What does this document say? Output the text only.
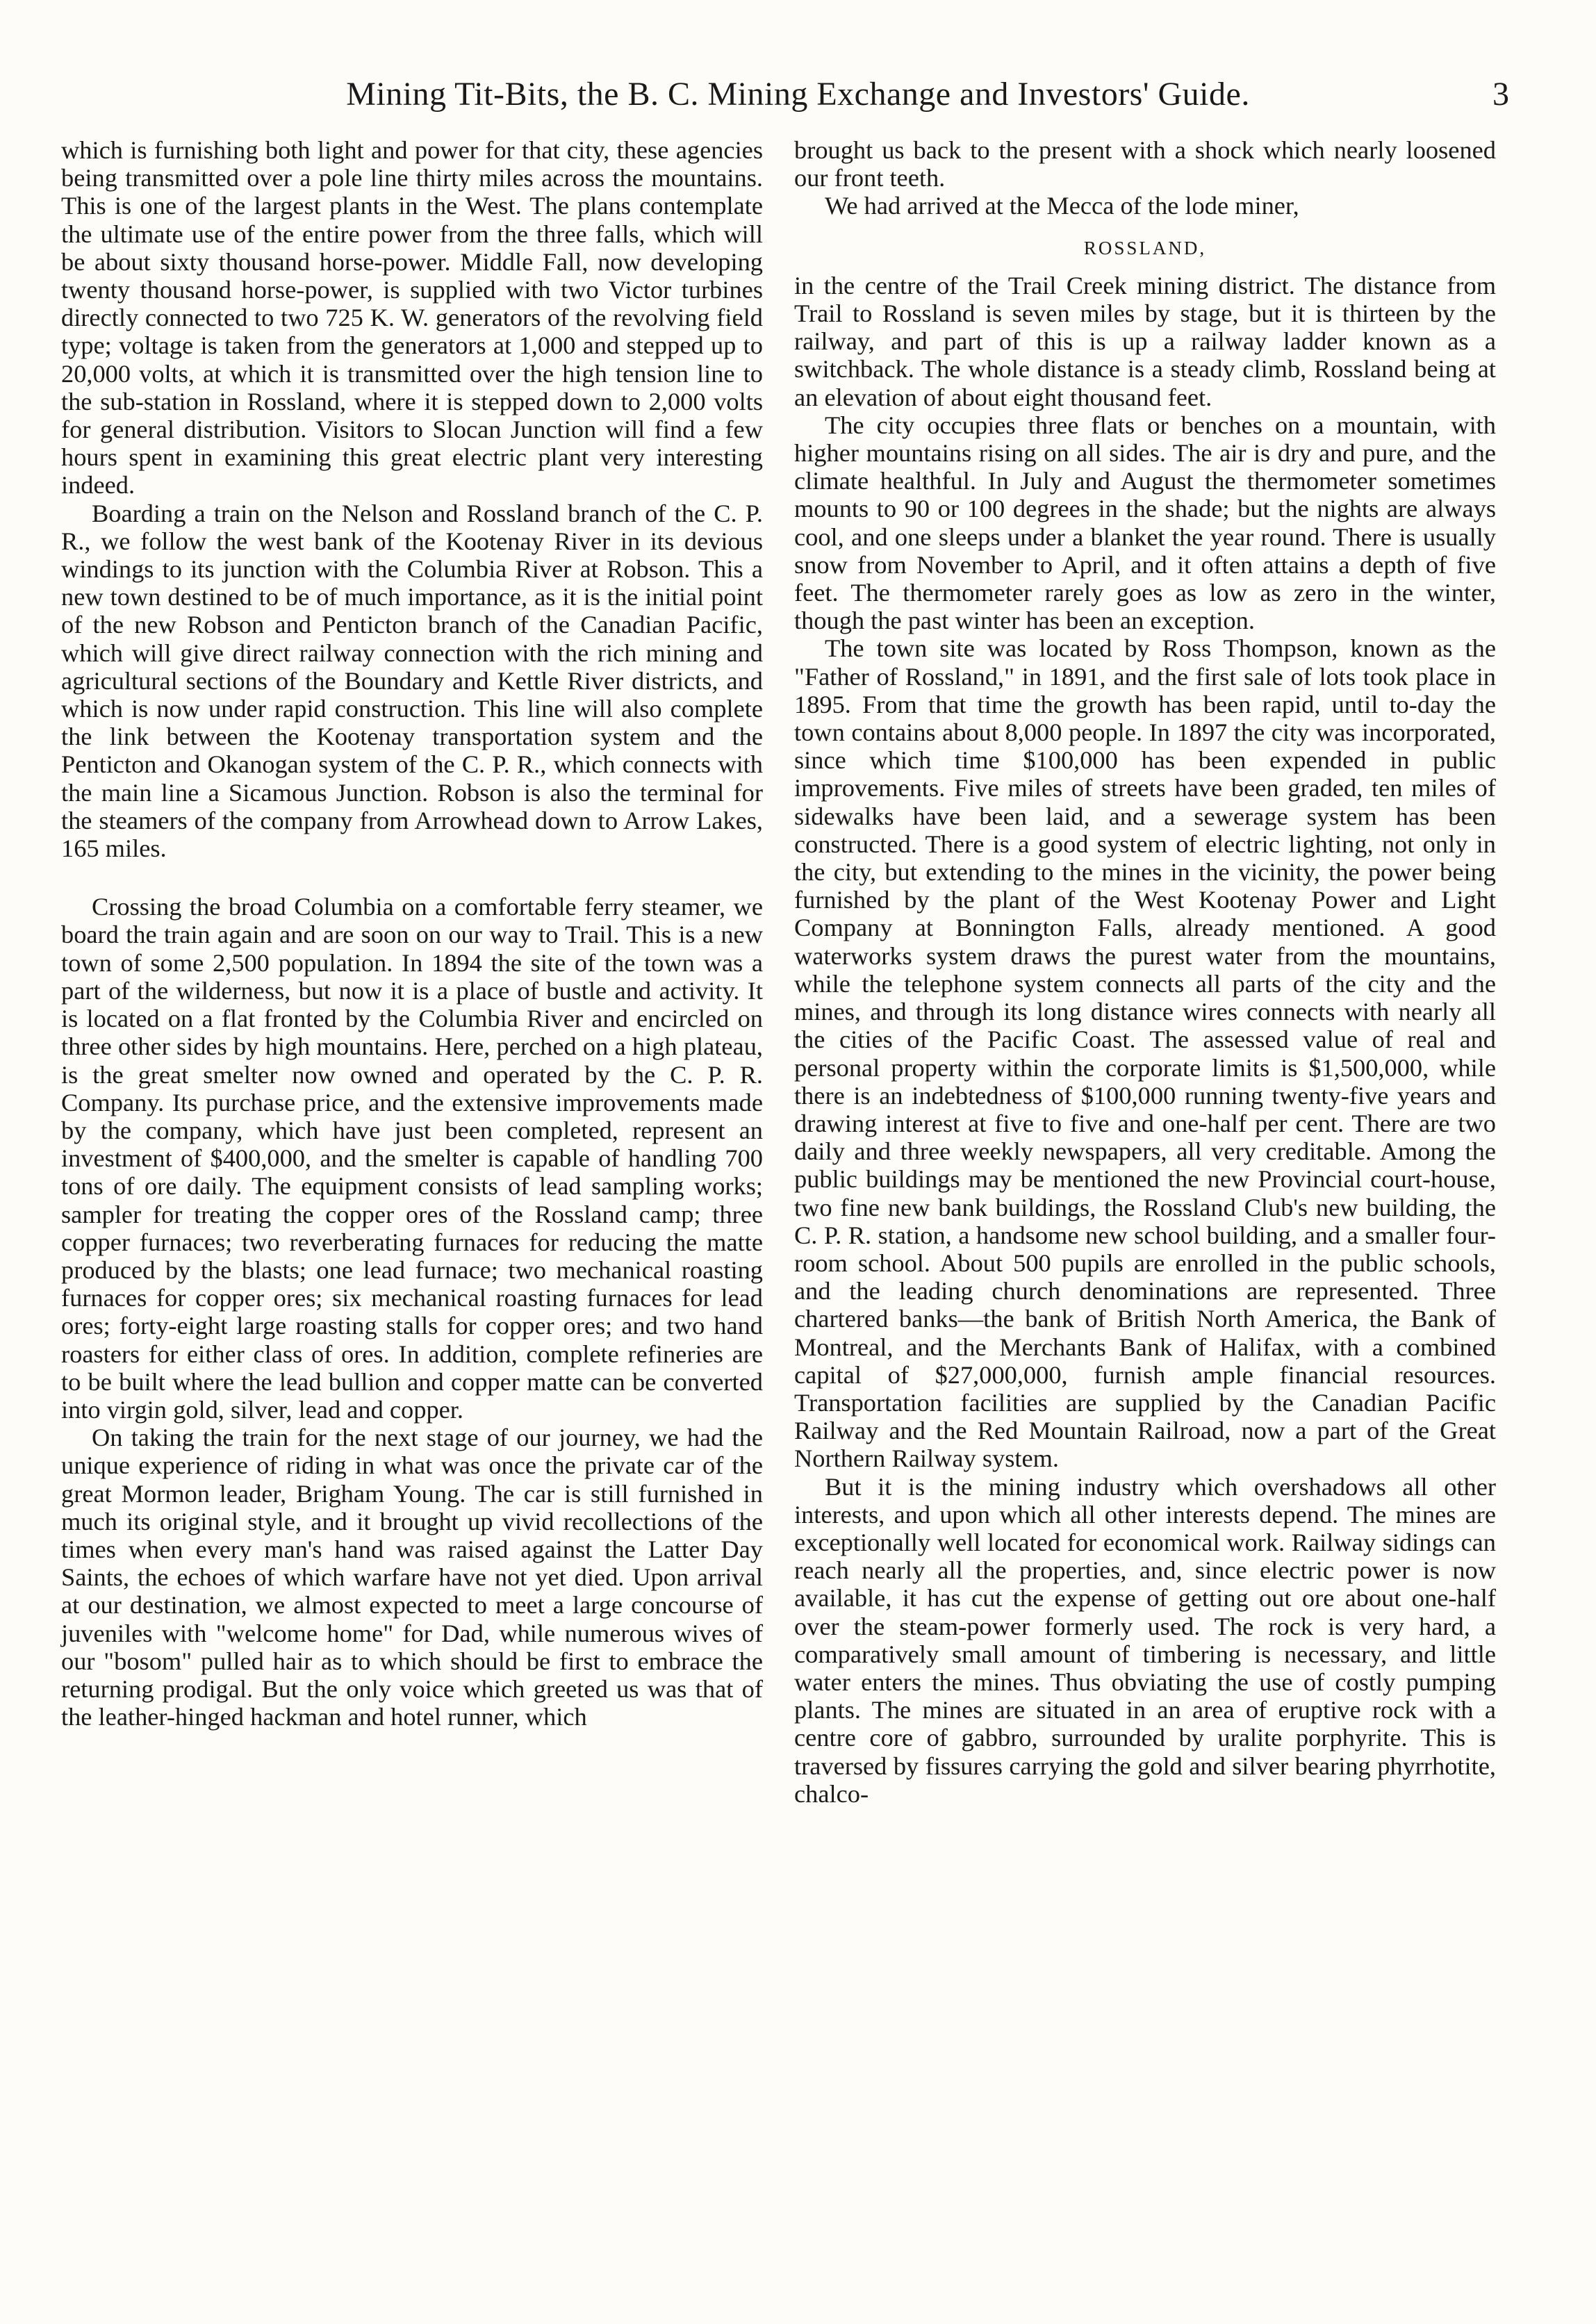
Mining Tit-Bits, the B. C. Mining Exchange and Investors' Guide.	3

which is furnishing both light and power for that city, these agencies being transmitted over a pole line thirty miles across the mountains. This is one of the largest plants in the West. The plans contemplate the ultimate use of the entire power from the three falls, which will be about sixty thousand horse-power. Middle Fall, now developing twenty thousand horse-power, is supplied with two Victor turbines directly connected to two 725 K. W. generators of the revolving field type; voltage is taken from the generators at 1,000 and stepped up to 20,000 volts, at which it is transmitted over the high tension line to the sub-station in Rossland, where it is stepped down to 2,000 volts for general distribution. Visitors to Slocan Junction will find a few hours spent in examining this great electric plant very interesting indeed.

Boarding a train on the Nelson and Rossland branch of the C. P. R., we follow the west bank of the Kootenay River in its devious windings to its junction with the Columbia River at Robson. This a new town destined to be of much importance, as it is the initial point of the new Robson and Penticton branch of the Canadian Pacific, which will give direct railway connection with the rich mining and agricultural sections of the Boundary and Kettle River districts, and which is now under rapid construction. This line will also complete the link between the Kootenay transportation system and the Penticton and Okanogan system of the C. P. R., which connects with the main line a Sicamous Junction. Robson is also the terminal for the steamers of the company from Arrowhead down to Arrow Lakes, 165 miles.

Crossing the broad Columbia on a comfortable ferry steamer, we board the train again and are soon on our way to Trail. This is a new town of some 2,500 population. In 1894 the site of the town was a part of the wilderness, but now it is a place of bustle and activity. It is located on a flat fronted by the Columbia River and encircled on three other sides by high mountains. Here, perched on a high plateau, is the great smelter now owned and operated by the C. P. R. Company. Its purchase price, and the extensive improvements made by the company, which have just been completed, represent an investment of $400,000, and the smelter is capable of handling 700 tons of ore daily. The equipment consists of lead sampling works; sampler for treating the copper ores of the Rossland camp; three copper furnaces; two reverberating furnaces for reducing the matte produced by the blasts; one lead furnace; two mechanical roasting furnaces for copper ores; six mechanical roasting furnaces for lead ores; forty-eight large roasting stalls for copper ores; and two hand roasters for either class of ores. In addition, complete refineries are to be built where the lead bullion and copper matte can be converted into virgin gold, silver, lead and copper.

On taking the train for the next stage of our journey, we had the unique experience of riding in what was once the private car of the great Mormon leader, Brigham Young. The car is still furnished in much its original style, and it brought up vivid recollections of the times when every man's hand was raised against the Latter Day Saints, the echoes of which warfare have not yet died. Upon arrival at our destination, we almost expected to meet a large concourse of juveniles with "welcome home" for Dad, while numerous wives of our "bosom" pulled hair as to which should be first to embrace the returning prodigal. But the only voice which greeted us was that of the leather-hinged hackman and hotel runner, which

brought us back to the present with a shock which nearly loosened our front teeth.

We had arrived at the Mecca of the lode miner,

ROSSLAND,

in the centre of the Trail Creek mining district. The distance from Trail to Rossland is seven miles by stage, but it is thirteen by the railway, and part of this is up a railway ladder known as a switchback. The whole distance is a steady climb, Rossland being at an elevation of about eight thousand feet.

The city occupies three flats or benches on a mountain, with higher mountains rising on all sides. The air is dry and pure, and the climate healthful. In July and August the thermometer sometimes mounts to 90 or 100 degrees in the shade; but the nights are always cool, and one sleeps under a blanket the year round. There is usually snow from November to April, and it often attains a depth of five feet. The thermometer rarely goes as low as zero in the winter, though the past winter has been an exception.

The town site was located by Ross Thompson, known as the "Father of Rossland," in 1891, and the first sale of lots took place in 1895. From that time the growth has been rapid, until to-day the town contains about 8,000 people. In 1897 the city was incorporated, since which time $100,000 has been expended in public improvements. Five miles of streets have been graded, ten miles of sidewalks have been laid, and a sewerage system has been constructed. There is a good system of electric lighting, not only in the city, but extending to the mines in the vicinity, the power being furnished by the plant of the West Kootenay Power and Light Company at Bonnington Falls, already mentioned. A good waterworks system draws the purest water from the mountains, while the telephone system connects all parts of the city and the mines, and through its long distance wires connects with nearly all the cities of the Pacific Coast. The assessed value of real and personal property within the corporate limits is $1,500,000, while there is an indebtedness of $100,000 running twenty-five years and drawing interest at five to five and one-half per cent. There are two daily and three weekly newspapers, all very creditable. Among the public buildings may be mentioned the new Provincial court-house, two fine new bank buildings, the Rossland Club's new building, the C. P. R. station, a handsome new school building, and a smaller four-room school. About 500 pupils are enrolled in the public schools, and the leading church denominations are represented. Three chartered banks—the bank of British North America, the Bank of Montreal, and the Merchants Bank of Halifax, with a combined capital of $27,000,000, furnish ample financial resources. Transportation facilities are supplied by the Canadian Pacific Railway and the Red Mountain Railroad, now a part of the Great Northern Railway system.

But it is the mining industry which overshadows all other interests, and upon which all other interests depend. The mines are exceptionally well located for economical work. Railway sidings can reach nearly all the properties, and, since electric power is now available, it has cut the expense of getting out ore about one-half over the steam-power formerly used. The rock is very hard, a comparatively small amount of timbering is necessary, and little water enters the mines. Thus obviating the use of costly pumping plants. The mines are situated in an area of eruptive rock with a centre core of gabbro, surrounded by uralite porphyrite. This is traversed by fissures carrying the gold and silver bearing phyrrhotite, chalco-
